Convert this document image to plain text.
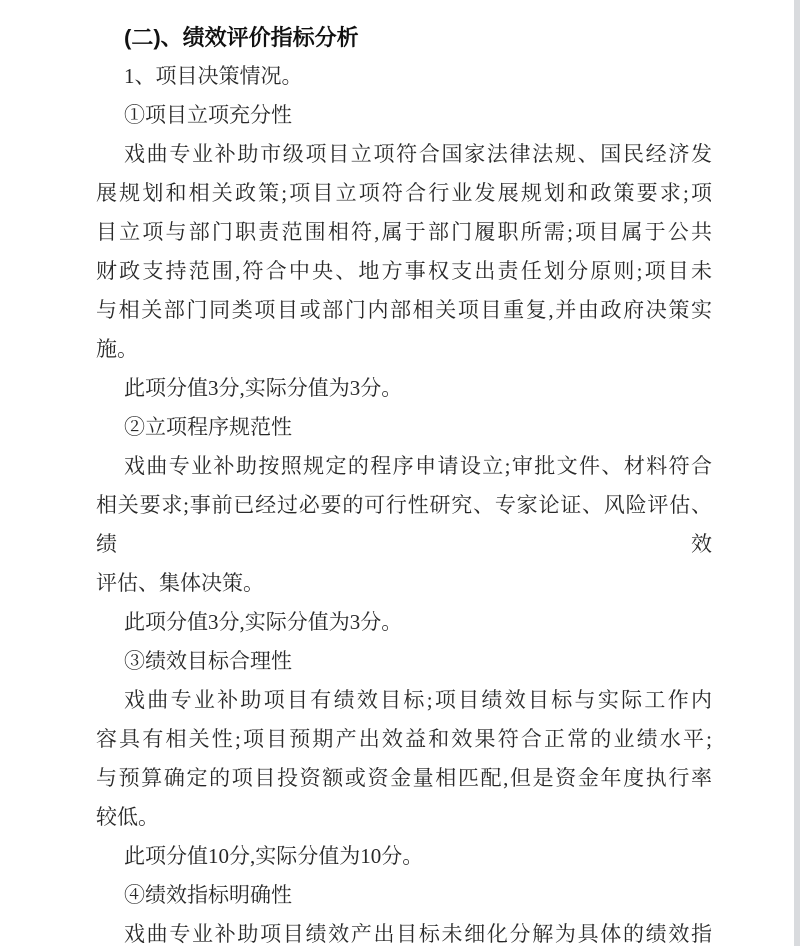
(二)、绩效评价指标分析
1、项目决策情况。
①项目立项充分性
戏曲专业补助市级项目立项符合国家法律法规、国民经济发
展规划和相关政策;项目立项符合行业发展规划和政策要求;项
目立项与部门职责范围相符,属于部门履职所需;项目属于公共
财政支持范围,符合中央、地方事权支出责任划分原则;项目未
与相关部门同类项目或部门内部相关项目重复,并由政府决策实
施。
此项分值3分,实际分值为3分。
②立项程序规范性
戏曲专业补助按照规定的程序申请设立;审批文件、材料符合
相关要求;事前已经过必要的可行性研究、专家论证、风险评估、 绩效
评估、集体决策。
此项分值3分,实际分值为3分。
③绩效目标合理性
戏曲专业补助项目有绩效目标;项目绩效目标与实际工作内
容具有相关性;项目预期产出效益和效果符合正常的业绩水平;
与预算确定的项目投资额或资金量相匹配,但是资金年度执行率
较低。
此项分值10分,实际分值为10分。
④绩效指标明确性
戏曲专业补助项目绩效产出目标未细化分解为具体的绩效指
